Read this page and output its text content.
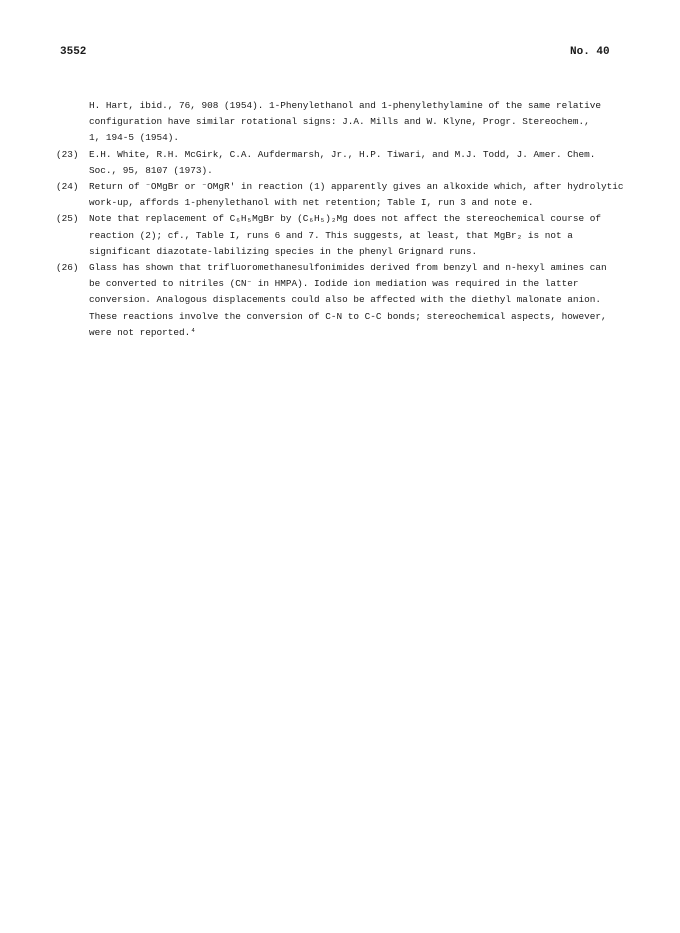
3552	No. 40
H. Hart, ibid., 76, 908 (1954). 1-Phenylethanol and 1-phenylethylamine of the same relative
configuration have similar rotational signs: J.A. Mills and W. Klyne, Progr. Stereochem.,
1, 194-5 (1954).
(23) E.H. White, R.H. McGirk, C.A. Aufdermarsh, Jr., H.P. Tiwari, and M.J. Todd, J. Amer. Chem.
Soc., 95, 8107 (1973).
(24) Return of ⁻OMgBr or ⁻OMgR' in reaction (1) apparently gives an alkoxide which, after hydrolytic
work-up, affords 1-phenylethanol with net retention; Table I, run 3 and note e.
(25) Note that replacement of C₆H₅MgBr by (C₆H₅)₂Mg does not affect the stereochemical course of
reaction (2); cf., Table I, runs 6 and 7. This suggests, at least, that MgBr₂ is not a
significant diazotate-labilizing species in the phenyl Grignard runs.
(26) Glass has shown that trifluoromethanesulfonimides derived from benzyl and n-hexyl amines can
be converted to nitriles (CN⁻ in HMPA). Iodide ion mediation was required in the latter
conversion. Analogous displacements could also be affected with the diethyl malonate anion.
These reactions involve the conversion of C-N to C-C bonds; stereochemical aspects, however,
were not reported.⁴
